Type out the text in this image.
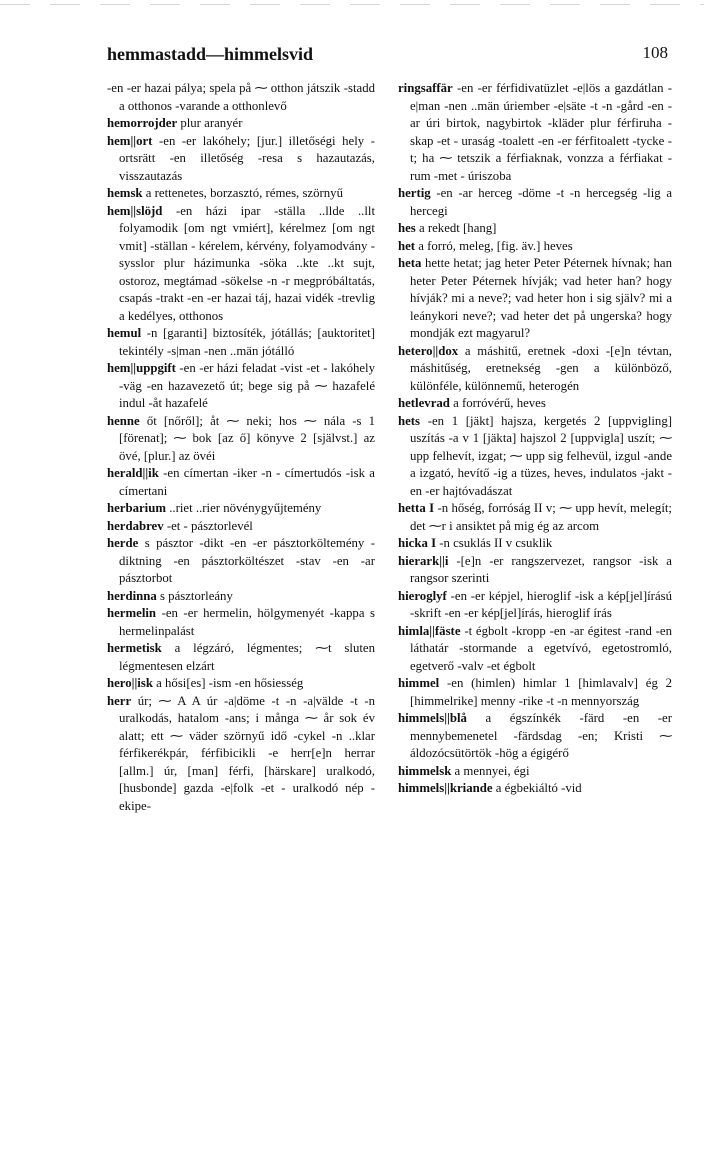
hemmastadd—himmelsvid	108
-en -er hazai pálya; spela på ⁓ otthon játszik -stadd a otthonos -varande a otthonlevő
hemorrojder plur aranyér
hem||ort -en -er lakóhely; [jur.] illetőségi hely -ortsrätt -en illetőség -resa s hazautazás, visszautazás
hemsk a rettenetes, borzasztó, rémes, szörnyű
hem||slöjd -en házi ipar -ställa ..llde ..llt folyamodik [om ngt vmiért], kérelmez [om ngt vmit] -ställan - kérelem, kérvény, folyamodvány -sysslor plur házimunka -söka ..kte ..kt sujt, ostoroz, megtámad -sökelse -n -r megpróbáltatás, csapás -trakt -en -er hazai táj, hazai vidék -trevlig a kedélyes, otthonos
hemul -n [garanti] biztosíték, jótállás; [auktoritet] tekintély -s|man -nen ..män jótálló
hem||uppgift -en -er házi feladat -vist -et - lakóhely -väg -en hazavezető út; bege sig på ⁓ hazafelé indul -åt hazafelé
henne őt [nőről]; åt ⁓ neki; hos ⁓ nála -s 1 [förenat]; ⁓ bok [az ő] könyve 2 [självst.] az övé, [plur.] az övéi
herald||ik -en címertan -iker -n - címertudós -isk a címertani
herbarium ..riet ..rier növénygyűjtemény
herdabrev -et - pásztorlevél
herde s pásztor -dikt -en -er pásztorköltemény -diktning -en pásztorköltészet -stav -en -ar pásztorbot
herdinna s pásztorleány
hermelin -en -er hermelin, hölgymenyét -kappa s hermelinpalást
hermetisk a légzáró, légmentes; ⁓t sluten légmentesen elzárt
hero||isk a hősi[es] -ism -en hősiesség
herr úr; ⁓ A A úr -a|döme -t -n -a|välde -t -n uralkodás, hatalom -ans; i många ⁓ år sok év alatt; ett ⁓ väder szörnyű idő -cykel -n ..klar férfikerékpár, férfibicikli -e herr[e]n herrar [allm.] úr, [man] férfi, [härskare] uralkodó, [husbonde] gazda -e|folk -et - uralkodó nép -ekipe-
ringsaffär -en -er férfidivatüzlet -e|lös a gazdátlan -e|man -nen ..män úriember -e|säte -t -n -gård -en -ar úri birtok, nagybirtok -kläder plur férfiruha -skap -et - uraság -toalett -en -er férfitoalett -tycke -t; ha ⁓ tetszik a férfiaknak, vonzza a férfiakat -rum -met - úriszoba
hertig -en -ar herceg -döme -t -n hercegség -lig a hercegi
hes a rekedt [hang]
het a forró, meleg, [fig. äv.] heves
heta hette hetat; jag heter Peter Péternek hívnak; han heter Peter Péternek hívják; vad heter han? hogy hívják? mi a neve?; vad heter hon i sig själv? mi a leánykori neve?; vad heter det på ungerska? hogy mondják ezt magyarul?
hetero||dox a máshitű, eretnek -doxi -[e]n tévtan, máshitűség, eretnekség -gen a különböző, különféle, különnemű, heterogén
hetlevrad a forróvérű, heves
hets -en 1 [jäkt] hajsza, kergetés 2 [uppvigling] uszítás -a v 1 [jäkta] hajszol 2 [uppvigla] uszít; ⁓ upp felhevít, izgat; ⁓ upp sig felhevül, izgul -ande a izgató, hevítő -ig a tüzes, heves, indulatos -jakt -en -er hajtóvadászat
hetta I -n hőség, forróság II v; ⁓ upp hevít, melegít; det ⁓r i ansiktet på mig ég az arcom
hicka I -n csuklás II v csuklik
hierark||i -[e]n -er rangszervezet, rangsor -isk a rangsor szerinti
hieroglyf -en -er képjel, hieroglif -isk a kép[jel]írású -skrift -en -er kép[jel]írás, hieroglif írás
himla||fäste -t égbolt -kropp -en -ar égitest -rand -en láthatár -stormande a egetvívó, egetostromló, egetverő -valv -et égbolt
himmel -en (himlen) himlar 1 [himlavalv] ég 2 [himmelrike] menny -rike -t -n mennyország
himmels||blå a égszínkék -färd -en -er mennybemenetel -färdsdag -en; Kristi ⁓ áldozócsütörtök -hög a égigérő
himmelsk a mennyei, égi
himmels||kriande a égbekiáltó -vid
